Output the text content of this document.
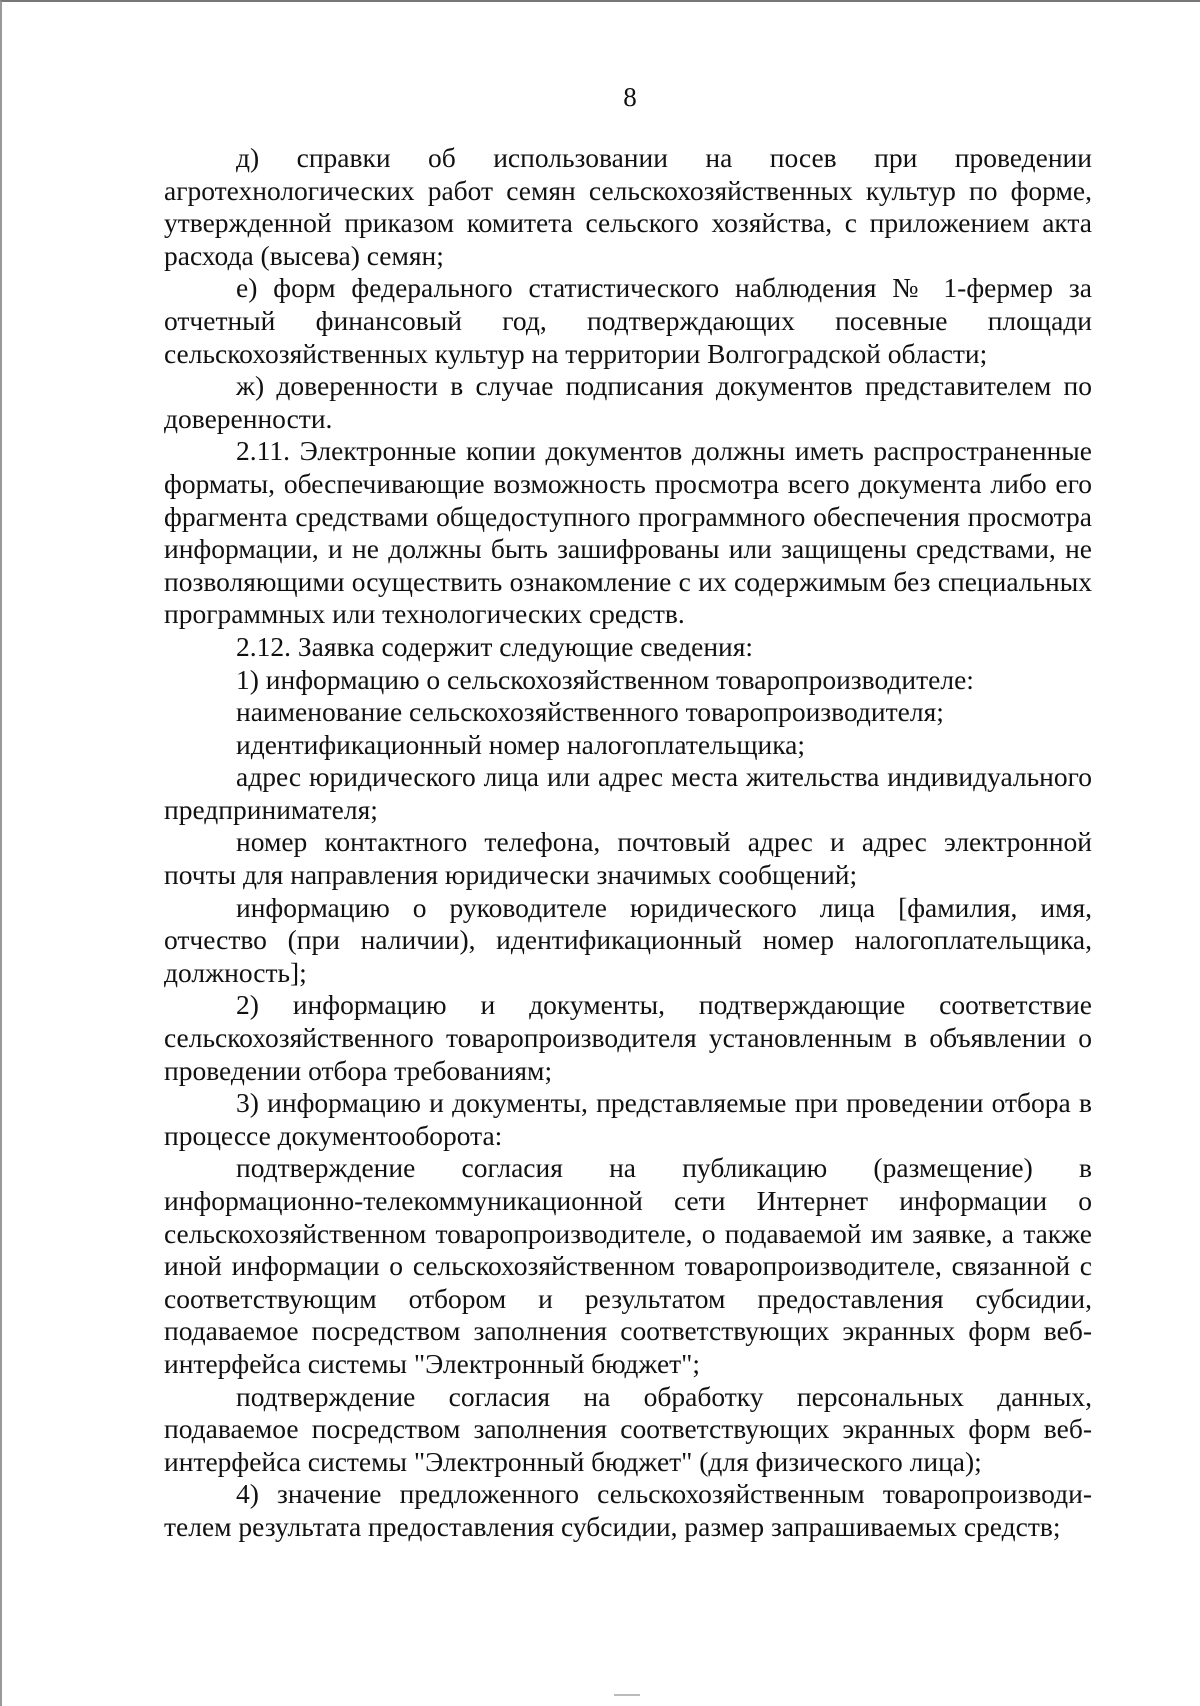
8

д) справки об использовании на посев при проведении агротехнологических работ семян сельскохозяйственных культур по форме, утвержденной приказом комитета сельского хозяйства, с приложением акта расхода (высева) семян;

е) форм федерального статистического наблюдения № 1-фермер за отчетный финансовый год, подтверждающих посевные площади сельскохозяйственных культур на территории Волгоградской области;

ж) доверенности в случае подписания документов представителем по доверенности.

2.11. Электронные копии документов должны иметь распространенные форматы, обеспечивающие возможность просмотра всего документа либо его фрагмента средствами общедоступного программного обеспечения просмотра информации, и не должны быть зашифрованы или защищены средствами, не позволяющими осуществить ознакомление с их содержимым без специальных программных или технологических средств.

2.12. Заявка содержит следующие сведения:

1) информацию о сельскохозяйственном товаропроизводителе:

наименование сельскохозяйственного товаропроизводителя;

идентификационный номер налогоплательщика;

адрес юридического лица или адрес места жительства индивидуального предпринимателя;

номер контактного телефона, почтовый адрес и адрес электронной почты для направления юридически значимых сообщений;

информацию о руководителе юридического лица [фамилия, имя, отчество (при наличии), идентификационный номер налогоплательщика, должность];

2) информацию и документы, подтверждающие соответствие сельскохозяйственного товаропроизводителя установленным в объявлении о проведении отбора требованиям;

3) информацию и документы, представляемые при проведении отбора в процессе документооборота:

подтверждение согласия на публикацию (размещение) в информационно-телекоммуникационной сети Интернет информации о сельскохозяйственном товаропроизводителе, о подаваемой им заявке, а также иной информации о сельскохозяйственном товаропроизводителе, связанной с соответствующим отбором и результатом предоставления субсидии, подаваемое посредством заполнения соответствующих экранных форм веб-интерфейса системы "Электронный бюджет";

подтверждение согласия на обработку персональных данных, подаваемое посредством заполнения соответствующих экранных форм веб-интерфейса системы "Электронный бюджет" (для физического лица);

4) значение предложенного сельскохозяйственным товаропроизводителем результата предоставления субсидии, размер запрашиваемых средств;
